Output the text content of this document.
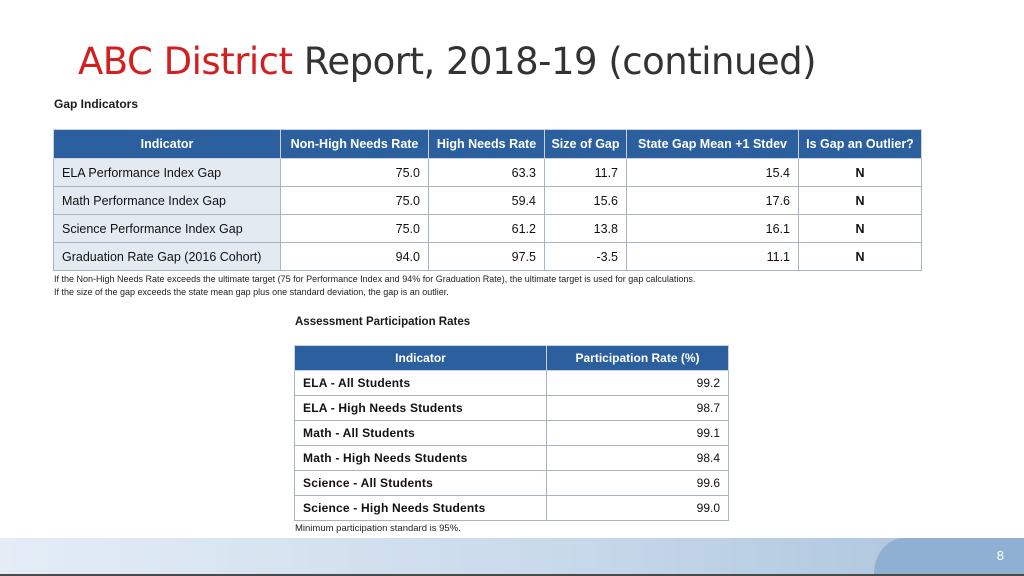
ABC District Report, 2018-19 (continued)
Gap Indicators
Indicator	Non-High Needs Rate	High Needs Rate	Size of Gap	State Gap Mean +1 Stdev	Is Gap an Outlier?
ELA Performance Index Gap	75.0	63.3	11.7	15.4	N
Math Performance Index Gap	75.0	59.4	15.6	17.6	N
Science Performance Index Gap	75.0	61.2	13.8	16.1	N
Graduation Rate Gap (2016 Cohort)	94.0	97.5	-3.5	11.1	N
If the Non-High Needs Rate exceeds the ultimate target (75 for Performance Index and 94% for Graduation Rate), the ultimate target is used for gap calculations.
If the size of the gap exceeds the state mean gap plus one standard deviation, the gap is an outlier.
Assessment Participation Rates
Indicator	Participation Rate (%)
ELA - All Students	99.2
ELA - High Needs Students	98.7
Math - All Students	99.1
Math - High Needs Students	98.4
Science - All Students	99.6
Science - High Needs Students	99.0
Minimum participation standard is 95%.
8
